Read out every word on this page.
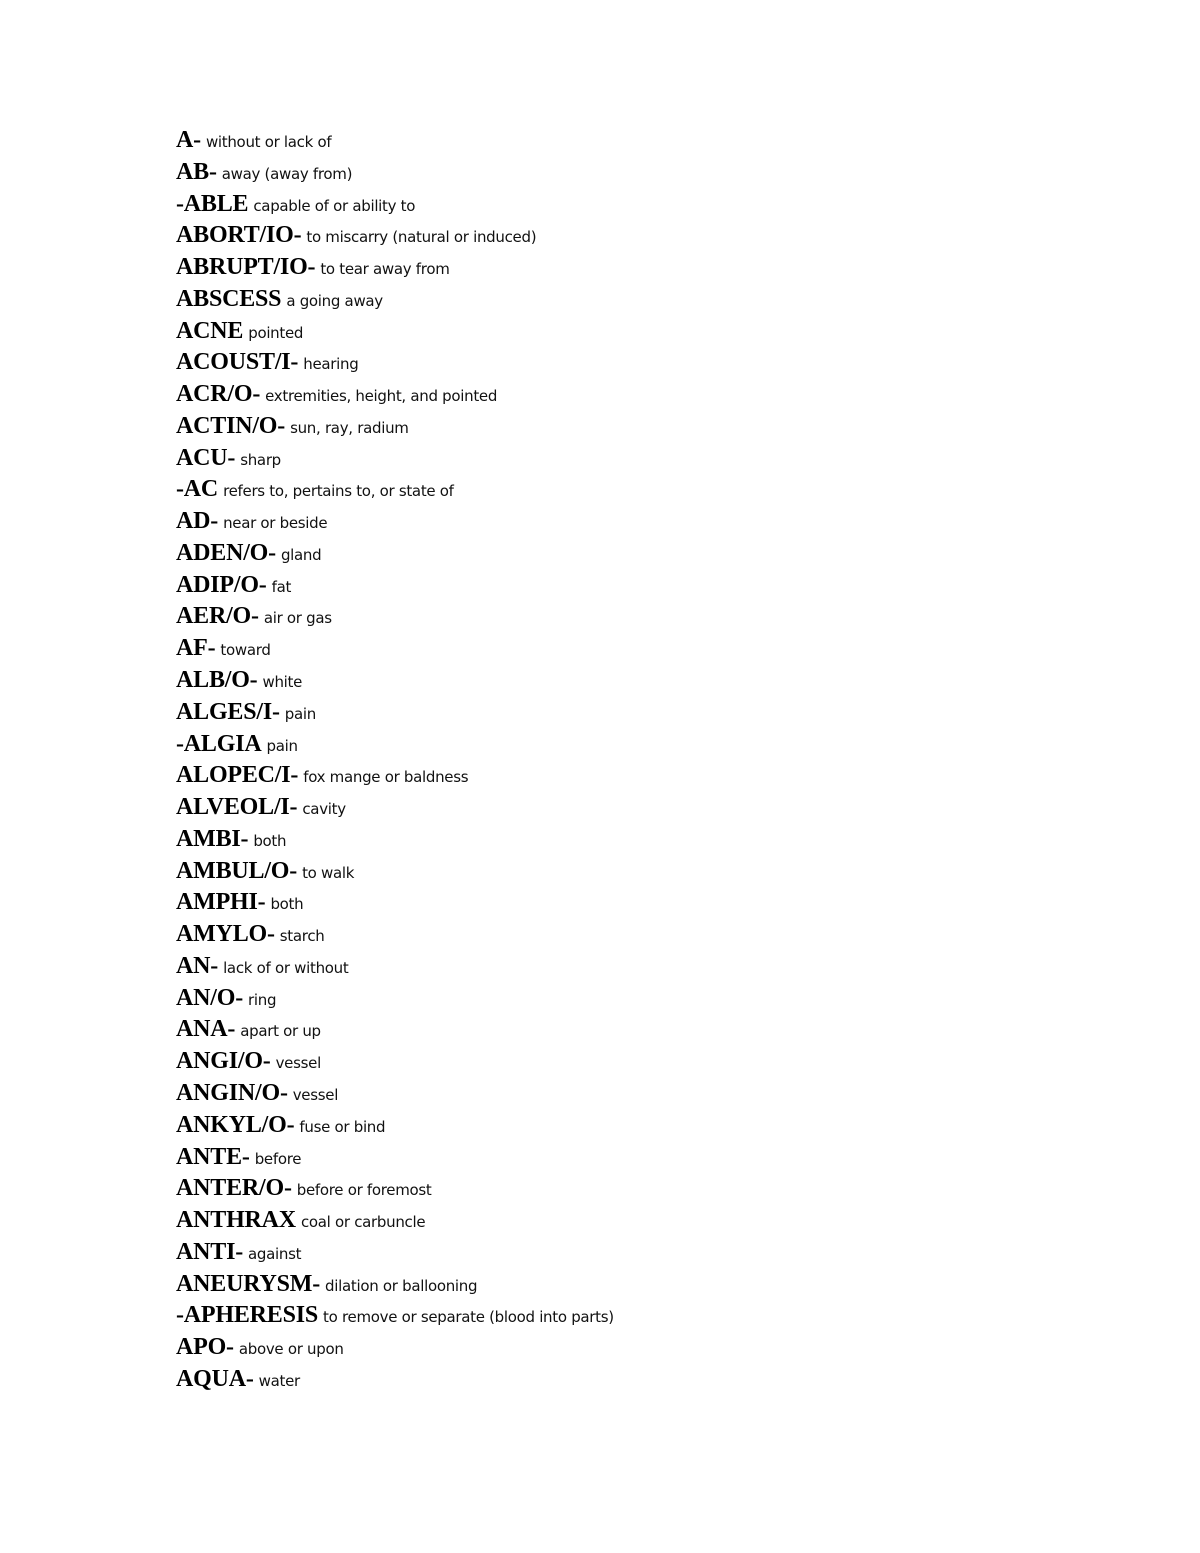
A- without or lack of
AB- away (away from)
-ABLE capable of or ability to
ABORT/IO- to miscarry (natural or induced)
ABRUPT/IO- to tear away from
ABSCESS a going away
ACNE pointed
ACOUST/I- hearing
ACR/O- extremities, height, and pointed
ACTIN/O- sun, ray, radium
ACU- sharp
-AC refers to, pertains to, or state of
AD- near or beside
ADEN/O- gland
ADIP/O- fat
AER/O- air or gas
AF- toward
ALB/O- white
ALGES/I- pain
-ALGIA pain
ALOPEC/I- fox mange or baldness
ALVEOL/I- cavity
AMBI- both
AMBUL/O- to walk
AMPHI- both
AMYLO- starch
AN- lack of or without
AN/O- ring
ANA- apart or up
ANGI/O- vessel
ANGIN/O- vessel
ANKYL/O- fuse or bind
ANTE- before
ANTER/O- before or foremost
ANTHRAX coal or carbuncle
ANTI- against
ANEURYSM- dilation or ballooning
-APHERESIS to remove or separate (blood into parts)
APO- above or upon
AQUA- water
